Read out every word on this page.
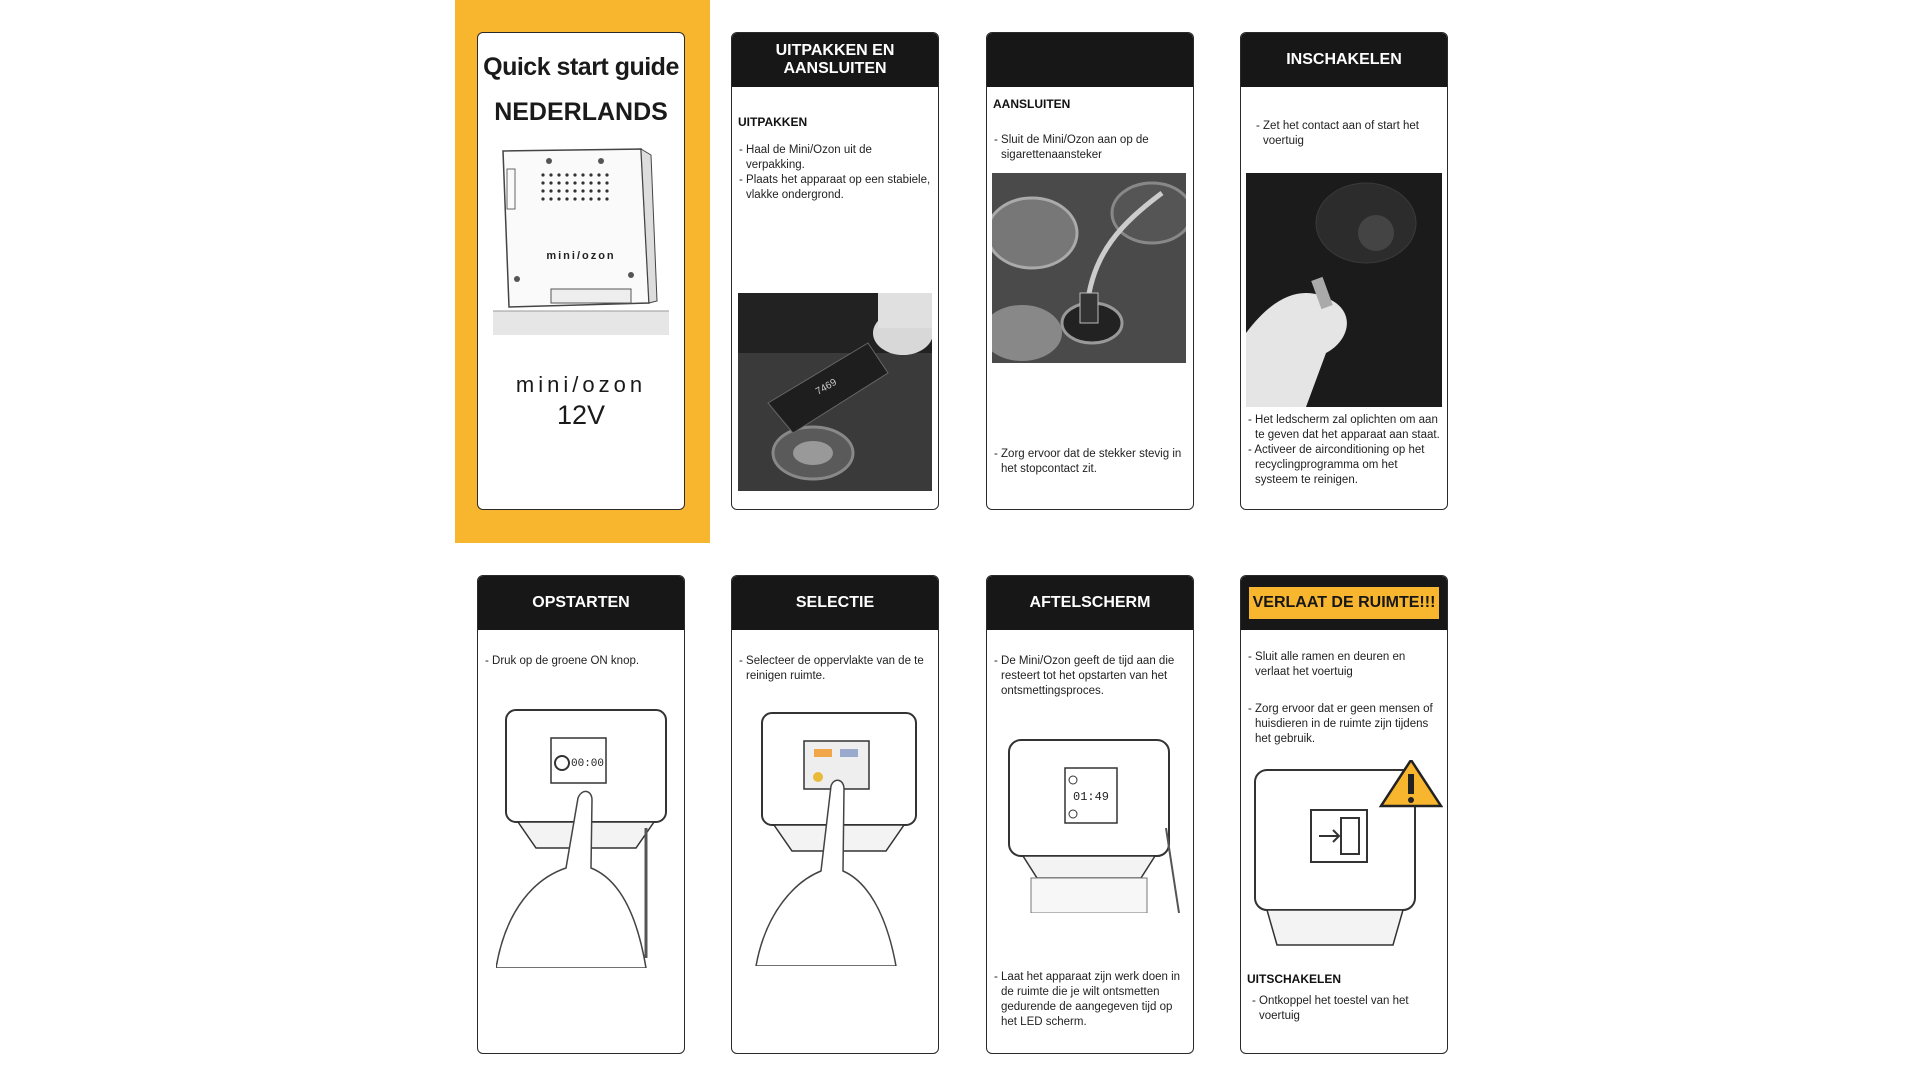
Quick start guide
NEDERLANDS
mini/ozon
mini/ozon
12V
UITPAKKEN EN AANSLUITEN

UITPAKKEN

- Haal de Mini/Ozon uit de verpakking.
- Plaats het apparaat op een stabiele, vlakke ondergrond.

7469

AANSLUITEN

- Sluit de Mini/Ozon aan op de sigarettenaansteker

- Zorg ervoor dat de stekker stevig in het stopcontact zit.

INSCHAKELEN

- Zet het contact aan of start het voertuig

- Het ledscherm zal oplichten om aan te geven dat het apparaat aan staat.
- Activeer de airconditioning op het recyclingprogramma om het systeem te reinigen.

OPSTARTEN

- Druk op de groene ON knop.

00:00
SELECTIE

- Selecteer de oppervlakte van de te reinigen ruimte.

AFTELSCHERM

- De Mini/Ozon geeft de tijd aan die resteert tot het opstarten van het ontsmettingsproces.

01:49

- Laat het apparaat zijn werk doen in de ruimte die je wilt ontsmetten gedurende de aangegeven tijd op het LED scherm.

VERLAAT DE RUIMTE!!!

- Sluit alle ramen en deuren en verlaat het voertuig

- Zorg ervoor dat er geen mensen of huisdieren in de ruimte zijn tijdens het gebruik.

UITSCHAKELEN

- Ontkoppel het toestel van het voertuig
